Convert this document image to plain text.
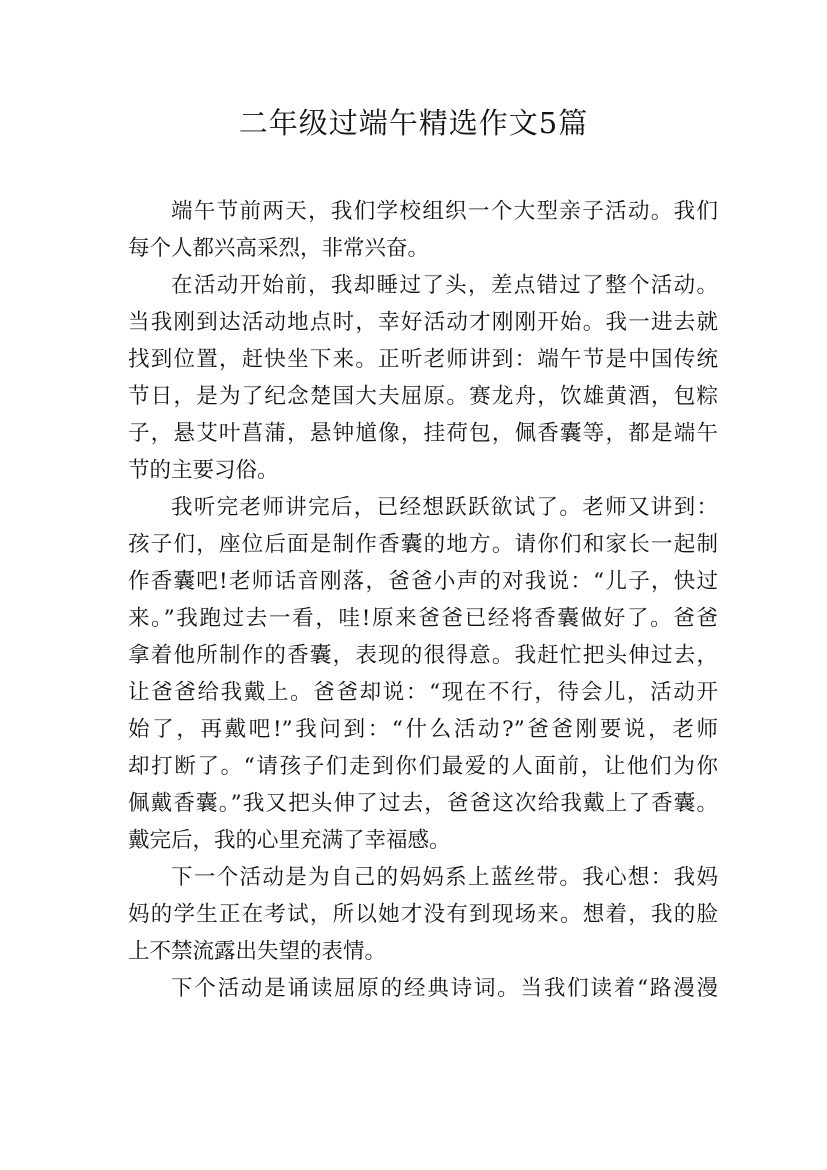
二年级过端午精选作文5篇
端午节前两天，我们学校组织一个大型亲子活动。我们
每个人都兴高采烈，非常兴奋。
在活动开始前，我却睡过了头，差点错过了整个活动。
当我刚到达活动地点时，幸好活动才刚刚开始。我一进去就
找到位置，赶快坐下来。正听老师讲到：端午节是中国传统
节日，是为了纪念楚国大夫屈原。赛龙舟，饮雄黄酒，包粽
子，悬艾叶菖蒲，悬钟馗像，挂荷包，佩香囊等，都是端午
节的主要习俗。
我听完老师讲完后，已经想跃跃欲试了。老师又讲到：
孩子们，座位后面是制作香囊的地方。请你们和家长一起制
作香囊吧!老师话音刚落，爸爸小声的对我说：“儿子，快过
来。”我跑过去一看，哇!原来爸爸已经将香囊做好了。爸爸
拿着他所制作的香囊，表现的很得意。我赶忙把头伸过去，
让爸爸给我戴上。爸爸却说：“现在不行，待会儿，活动开
始了，再戴吧!”我问到：“什么活动?”爸爸刚要说，老师
却打断了。“请孩子们走到你们最爱的人面前，让他们为你
佩戴香囊。”我又把头伸了过去，爸爸这次给我戴上了香囊。
戴完后，我的心里充满了幸福感。
下一个活动是为自己的妈妈系上蓝丝带。我心想：我妈
妈的学生正在考试，所以她才没有到现场来。想着，我的脸
上不禁流露出失望的表情。
下个活动是诵读屈原的经典诗词。当我们读着“路漫漫
